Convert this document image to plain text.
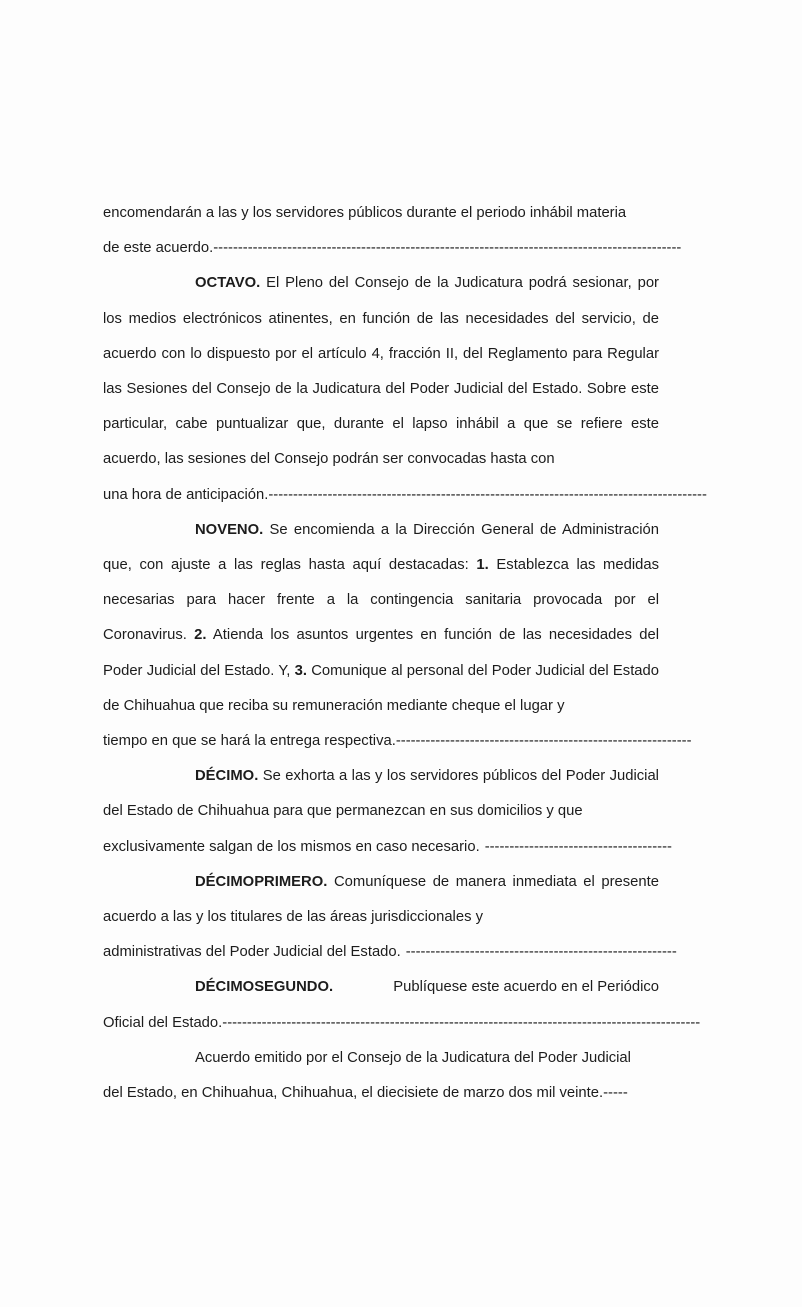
encomendarán a las y los servidores públicos durante el periodo inhábil materia
de este acuerdo. -----------------------------------------------------------------------------------------------

OCTAVO. El Pleno del Consejo de la Judicatura podrá sesionar, por los medios electrónicos atinentes, en función de las necesidades del servicio, de acuerdo con lo dispuesto por el artículo 4, fracción II, del Reglamento para Regular las Sesiones del Consejo de la Judicatura del Poder Judicial del Estado. Sobre este particular, cabe puntualizar que, durante el lapso inhábil a que se refiere este acuerdo, las sesiones del Consejo podrán ser convocadas hasta con

una hora de anticipación. -----------------------------------------------------------------------------------------

NOVENO. Se encomienda a la Dirección General de Administración que, con ajuste a las reglas hasta aquí destacadas: 1. Establezca las medidas necesarias para hacer frente a la contingencia sanitaria provocada por el Coronavirus. 2. Atienda los asuntos urgentes en función de las necesidades del Poder Judicial del Estado. Y, 3. Comunique al personal del Poder Judicial del Estado de Chihuahua que reciba su remuneración mediante cheque el lugar y

tiempo en que se hará la entrega respectiva. ------------------------------------------------------------

DÉCIMO. Se exhorta a las y los servidores públicos del Poder Judicial del Estado de Chihuahua para que permanezcan en sus domicilios y que

exclusivamente salgan de los mismos en caso necesario. --------------------------------------

DÉCIMOPRIMERO. Comuníquese de manera inmediata el presente acuerdo a las y los titulares de las áreas jurisdiccionales y

administrativas del Poder Judicial del Estado. -------------------------------------------------------
DÉCIMOSEGUNDO.	Publíquese este acuerdo en el Periódico
Oficial del Estado. -------------------------------------------------------------------------------------------------
Acuerdo emitido por el Consejo de la Judicatura del Poder Judicial
del Estado, en Chihuahua, Chihuahua, el diecisiete de marzo dos mil veinte. -----
